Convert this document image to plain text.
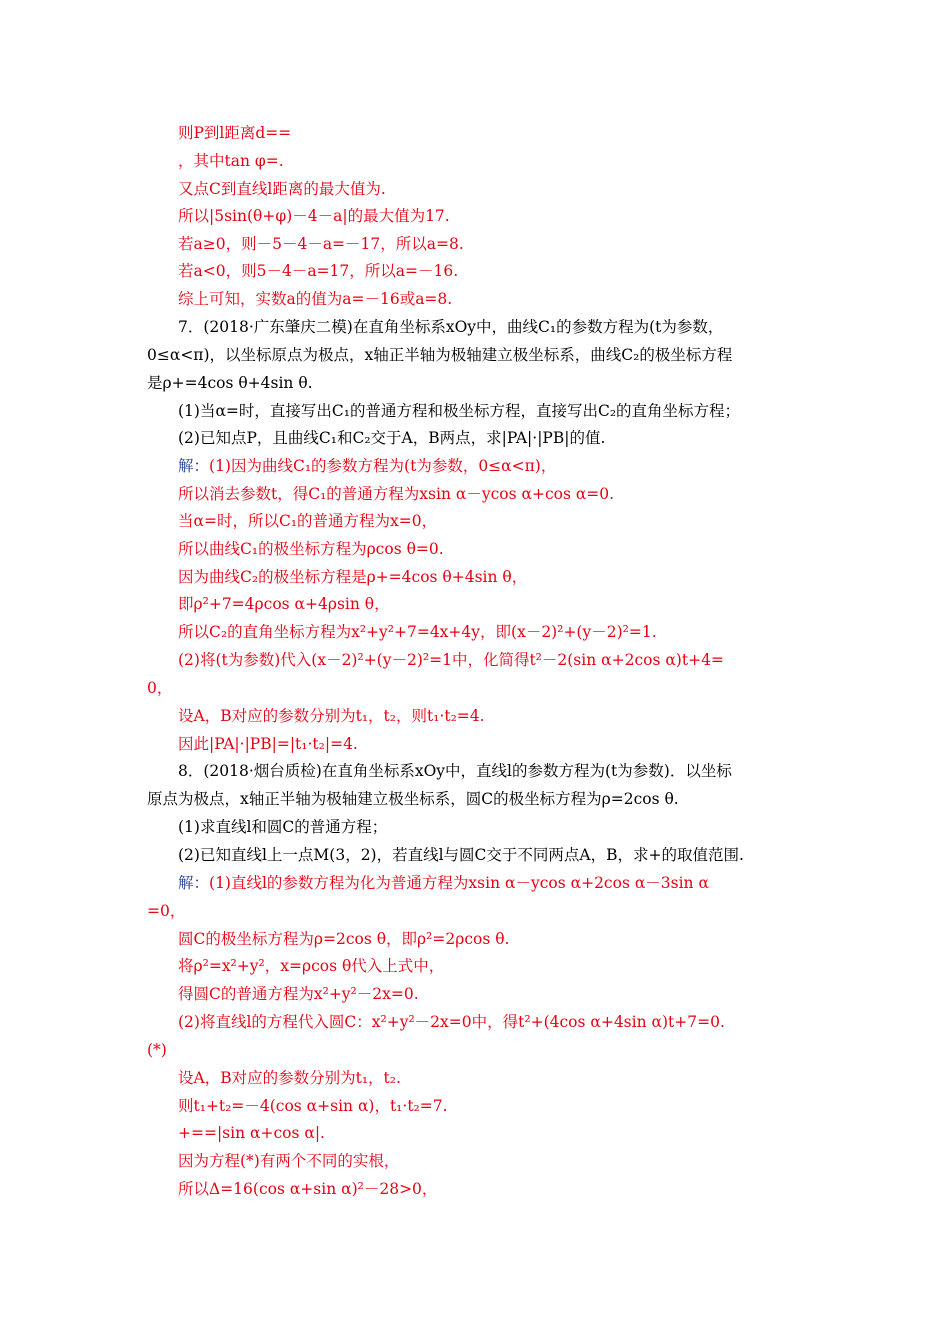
则P到l距离d==
，其中tan φ=.
又点C到直线l距离的最大值为.
所以|5sin(θ+φ)－4－a|的最大值为17.
若a≥0，则－5－4－a=－17，所以a=8.
若a<0，则5－4－a=17，所以a=－16.
综上可知，实数a的值为a=－16或a=8.
7．(2018·广东肇庆二模)在直角坐标系xOy中，曲线C₁的参数方程为(t为参数，
0≤α<π)，以坐标原点为极点，x轴正半轴为极轴建立极坐标系，曲线C₂的极坐标方程
是ρ+=4cos θ+4sin θ.
(1)当α=时，直接写出C₁的普通方程和极坐标方程，直接写出C₂的直角坐标方程；
(2)已知点P，且曲线C₁和C₂交于A，B两点，求|PA|·|PB|的值.
解：(1)因为曲线C₁的参数方程为(t为参数，0≤α<π)，
所以消去参数t，得C₁的普通方程为xsin α－ycos α+cos α=0.
当α=时，所以C₁的普通方程为x=0，
所以曲线C₁的极坐标方程为ρcos θ=0.
因为曲线C₂的极坐标方程是ρ+=4cos θ+4sin θ，
即ρ²+7=4ρcos α+4ρsin θ，
所以C₂的直角坐标方程为x²+y²+7=4x+4y，即(x－2)²+(y－2)²=1.
(2)将(t为参数)代入(x－2)²+(y－2)²=1中，化简得t²－2(sin α+2cos α)t+4=
0，
设A，B对应的参数分别为t₁，t₂，则t₁·t₂=4.
因此|PA|·|PB|=|t₁·t₂|=4.
8．(2018·烟台质检)在直角坐标系xOy中，直线l的参数方程为(t为参数)．以坐标
原点为极点，x轴正半轴为极轴建立极坐标系，圆C的极坐标方程为ρ=2cos θ.
(1)求直线l和圆C的普通方程；
(2)已知直线l上一点M(3，2)，若直线l与圆C交于不同两点A，B，求+的取值范围.
解：(1)直线l的参数方程为化为普通方程为xsin α－ycos α+2cos α－3sin α
=0，
圆C的极坐标方程为ρ=2cos θ，即ρ²=2ρcos θ.
将ρ²=x²+y²，x=ρcos θ代入上式中，
得圆C的普通方程为x²+y²－2x=0.
(2)将直线l的方程代入圆C：x²+y²－2x=0中，得t²+(4cos α+4sin α)t+7=0.
(*)
设A，B对应的参数分别为t₁，t₂.
则t₁+t₂=－4(cos α+sin α)，t₁·t₂=7.
+==|sin α+cos α|.
因为方程(*)有两个不同的实根，
所以Δ=16(cos α+sin α)²－28>0，
